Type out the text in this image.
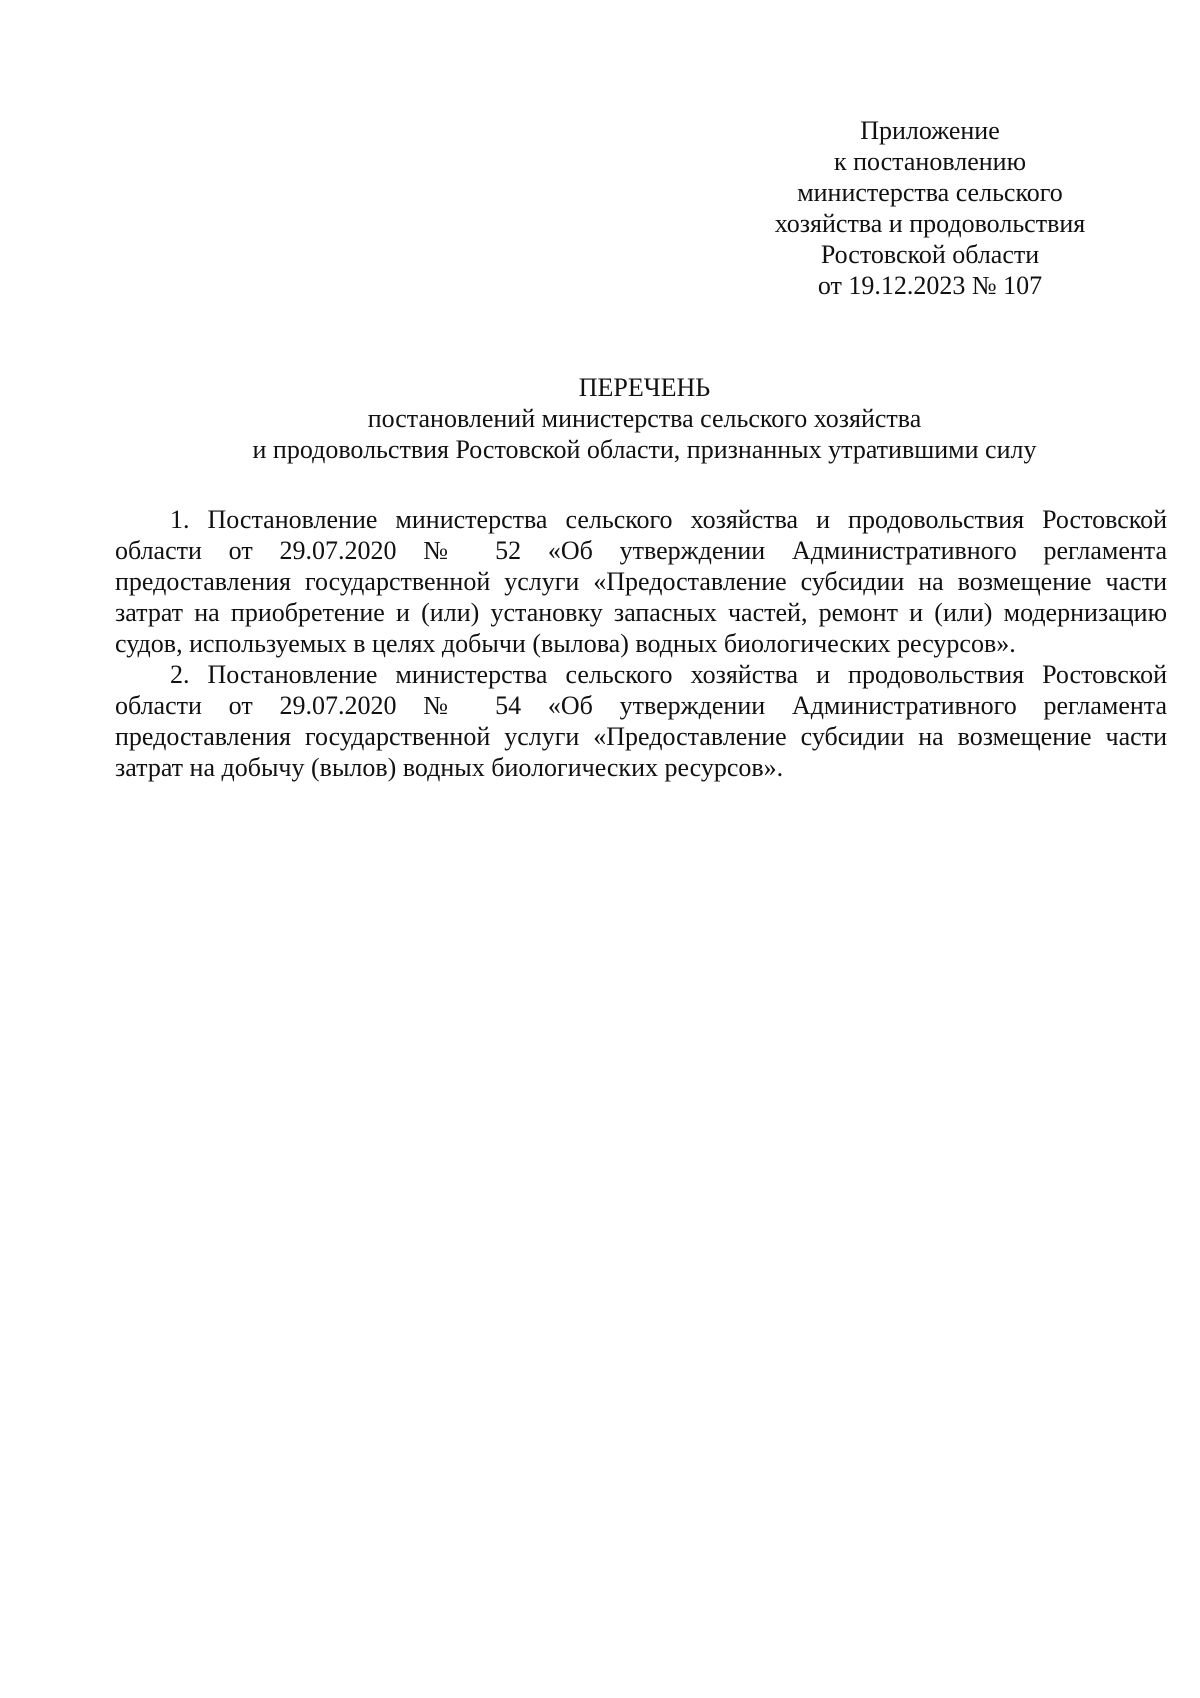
Приложение
к постановлению
министерства сельского
хозяйства и продовольствия
Ростовской области
от 19.12.2023 № 107
ПЕРЕЧЕНЬ
постановлений министерства сельского хозяйства
и продовольствия Ростовской области, признанных утратившими силу

1. Постановление министерства сельского хозяйства и продовольствия Ростовской области от 29.07.2020 № 52 «Об утверждении Административного регламента предоставления государственной услуги «Предоставление субсидии на возмещение части затрат на приобретение и (или) установку запасных частей, ремонт и (или) модернизацию судов, используемых в целях добычи (вылова) водных биологических ресурсов».

2. Постановление министерства сельского хозяйства и продовольствия Ростовской области от 29.07.2020 № 54 «Об утверждении Административного регламента предоставления государственной услуги «Предоставление субсидии на возмещение части затрат на добычу (вылов) водных биологических ресурсов».
